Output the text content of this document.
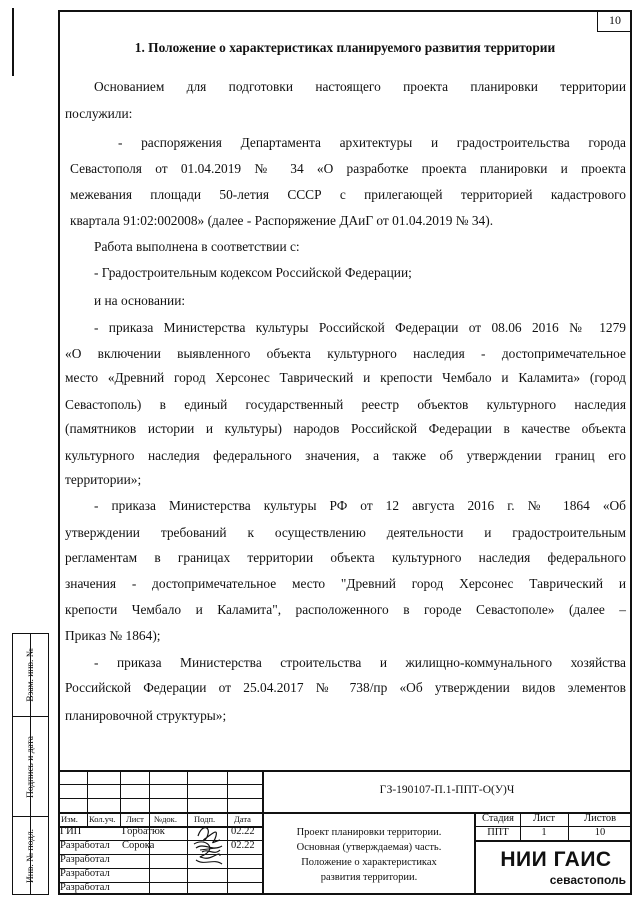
10
1. Положение о характеристиках планируемого развития территории
Основанием для подготовки настоящего проекта планировки территории
послужили:
- распоряжения Департамента архитектуры и градостроительства города
Севастополя от 01.04.2019 № 34 «О разработке проекта планировки и проекта
межевания площади 50-летия СССР с прилегающей территорией кадастрового
квартала 91:02:002008» (далее - Распоряжение ДАиГ от 01.04.2019 № 34).
Работа выполнена в соответствии с:
- Градостроительным кодексом Российской Федерации;
и на основании:
- приказа Министерства культуры Российской Федерации от 08.06 2016 № 1279
«О включении выявленного объекта культурного наследия - достопримечательное
место «Древний город Херсонес Таврический и крепости Чембало и Каламита» (город
Севастополь) в единый государственный реестр объектов культурного наследия
(памятников истории и культуры) народов Российской Федерации в качестве объекта
культурного наследия федерального значения, а также об утверждении границ его
территории»;
- приказа Министерства культуры РФ от 12 августа 2016 г. № 1864 «Об
утверждении требований к осуществлению деятельности и градостроительным
регламентам в границах территории объекта культурного наследия федерального
значения - достопримечательное место "Древний город Херсонес Таврический и
крепости Чембало и Каламита", расположенного в городе Севастополе» (далее –
Приказ № 1864);
- приказа Министерства строительства и жилищно-коммунального хозяйства
Российской Федерации от 25.04.2017 № 738/пр «Об утверждении видов элементов
планировочной структуры»;
Взам. инв. №
Подпись и дата
Инв. № подл.
Изм. Кол.уч. Лист №док. Подп. Дата
ГИП	Горбатюк	02.22
Разработал Сорока	02.22
Разработал
Разработал
Разработал
ГЗ-190107-П.1-ППТ-О(У)Ч
Проект планировки территории.
Основная (утверждаемая) часть.
Положение о характеристиках
развития территории.
Стадия	Лист	Листов
ППТ	1	10
НИИ ГАИС
севастополь
